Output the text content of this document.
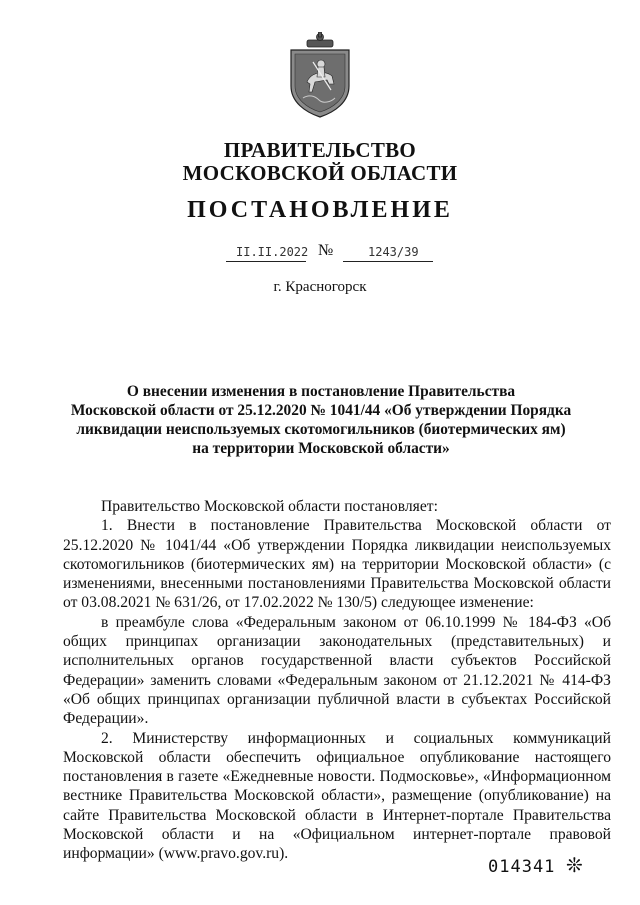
ПРАВИТЕЛЬСТВО
МОСКОВСКОЙ ОБЛАСТИ
ПОСТАНОВЛЕНИЕ
II.II.2022 №	1243/39
г. Красногорск
О внесении изменения в постановление Правительства
Московской области от 25.12.2020 № 1041/44 «Об утверждении Порядка
ликвидации неиспользуемых скотомогильников (биотермических ям)
на территории Московской области»

Правительство Московской области постановляет:

1. Внести в постановление Правительства Московской области от 25.12.2020 № 1041/44 «Об утверждении Порядка ликвидации неиспользуемых скотомогильников (биотермических ям) на территории Московской области» (с изменениями, внесенными постановлениями Правительства Московской области от 03.08.2021 № 631/26, от 17.02.2022 № 130/5) следующее изменение:

в преамбуле слова «Федеральным законом от 06.10.1999 № 184-ФЗ «Об общих принципах организации законодательных (представительных) и исполнительных органов государственной власти субъектов Российской Федерации» заменить словами «Федеральным законом от 21.12.2021 № 414-ФЗ «Об общих принципах организации публичной власти в субъектах Российской Федерации».

2. Министерству информационных и социальных коммуникаций Московской области обеспечить официальное опубликование настоящего постановления в газете «Ежедневные новости. Подмосковье», «Информационном вестнике Правительства Московской области», размещение (опубликование) на сайте Правительства Московской области в Интернет-портале Правительства Московской области и на «Официальном интернет-портале правовой информации» (www.pravo.gov.ru).

014341 ❊
